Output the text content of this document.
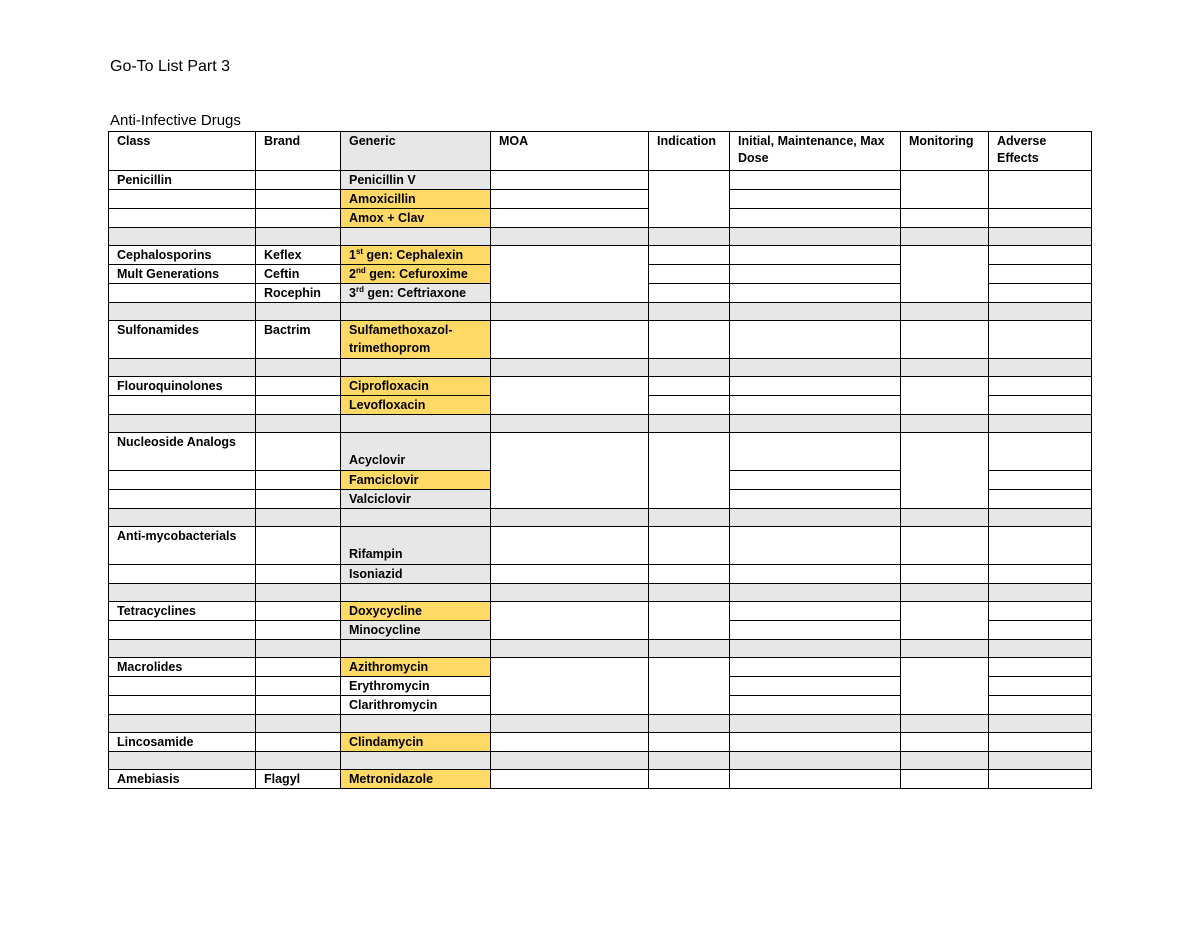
Go-To List Part 3
Anti-Infective Drugs
Class	Brand	Generic	MOA	Indication	Initial, Maintenance, Max Dose	Monitoring	Adverse Effects
Penicillin		Penicillin V					
		Amoxicillin					
		Amox + Clav					

Cephalosporins	Keflex	1st gen: Cephalexin					
Mult Generations	Ceftin	2nd gen: Cefuroxime					
	Rocephin	3rd gen: Ceftriaxone					

Sulfonamides	Bactrim	Sulfamethoxazol-trimethoprom					

Flouroquinolones		Ciprofloxacin					
		Levofloxacin					

Nucleoside Analogs		Acyclovir					

		Famciclovir					
		Valciclovir					

Anti-mycobacterials		Rifampin					

		Isoniazid					

Tetracyclines		Doxycycline					
		Minocycline					

Macrolides		Azithromycin					
		Erythromycin					
		Clarithromycin					

Lincosamide		Clindamycin					

Amebiasis	Flagyl	Metronidazole					
